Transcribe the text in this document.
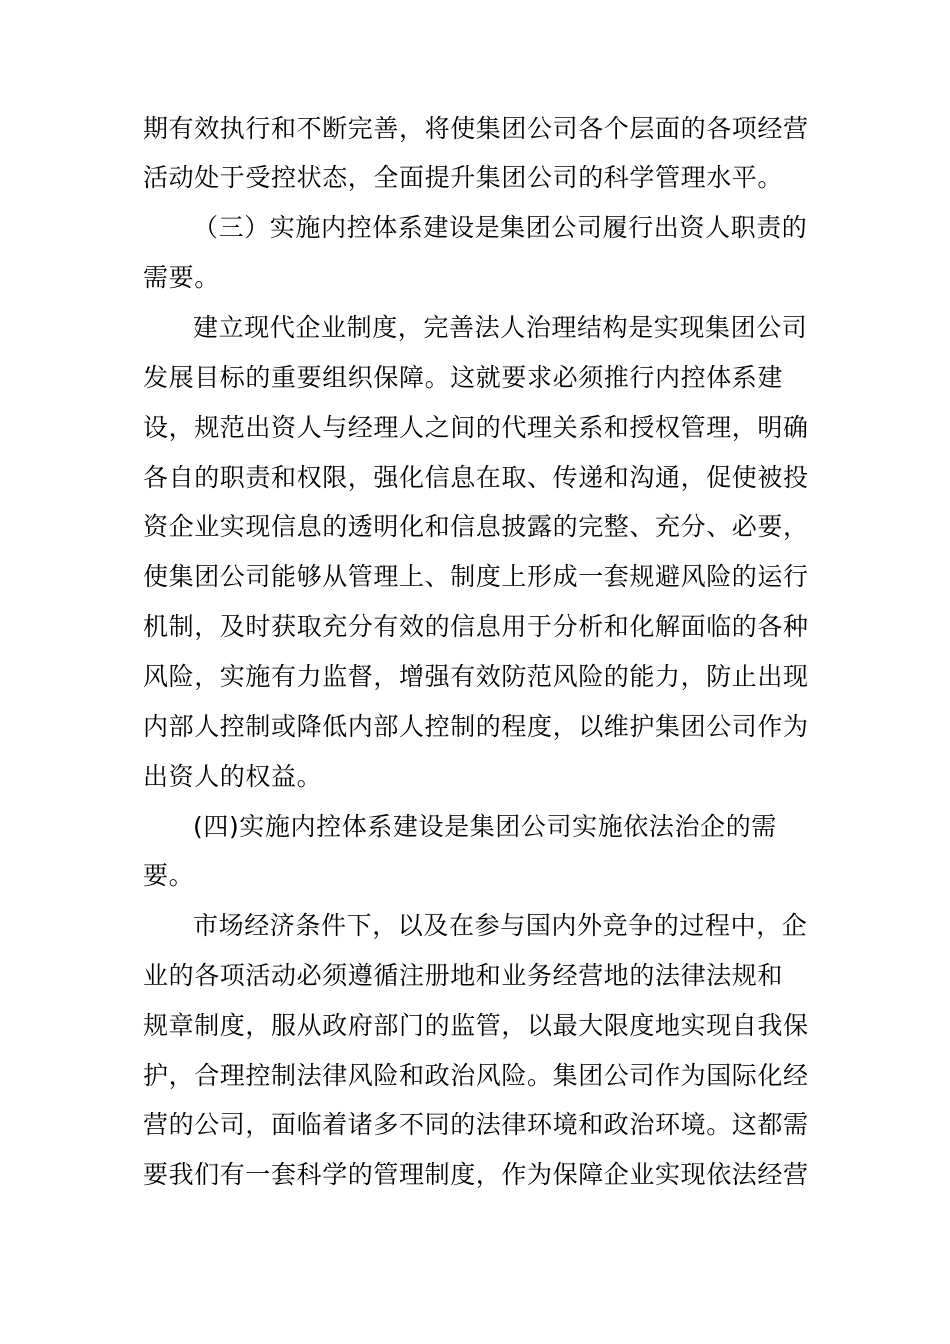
期有效执行和不断完善，将使集团公司各个层面的各项经营
活动处于受控状态，全面提升集团公司的科学管理水平。
（三）实施内控体系建设是集团公司履行出资人职责的
需要。
建立现代企业制度，完善法人治理结构是实现集团公司
发展目标的重要组织保障。这就要求必须推行内控体系建
设，规范出资人与经理人之间的代理关系和授权管理，明确
各自的职责和权限，强化信息在取、传递和沟通，促使被投
资企业实现信息的透明化和信息披露的完整、充分、必要，
使集团公司能够从管理上、制度上形成一套规避风险的运行
机制，及时获取充分有效的信息用于分析和化解面临的各种
风险，实施有力监督，增强有效防范风险的能力，防止出现
内部人控制或降低内部人控制的程度，以维护集团公司作为
出资人的权益。
(四)实施内控体系建设是集团公司实施依法治企的需
要。
市场经济条件下，以及在参与国内外竞争的过程中，企
业的各项活动必须遵循注册地和业务经营地的法律法规和
规章制度，服从政府部门的监管，以最大限度地实现自我保
护，合理控制法律风险和政治风险。集团公司作为国际化经
营的公司，面临着诸多不同的法律环境和政治环境。这都需
要我们有一套科学的管理制度，作为保障企业实现依法经营
